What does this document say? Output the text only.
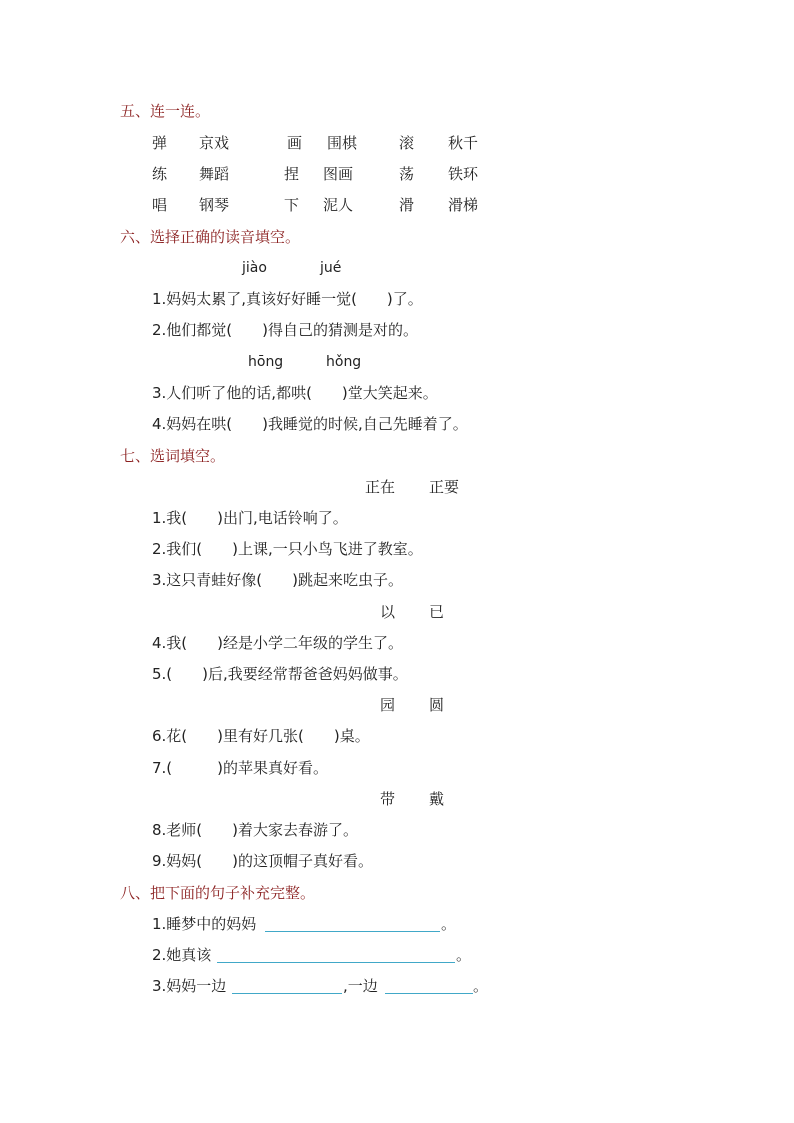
五、连一连。
弹 京戏	画 围棋	滚 秋千
练 舞蹈	捏 图画	荡 铁环
唱 钢琴	下 泥人	滑 滑梯
六、选择正确的读音填空。
jiào	jué
1.妈妈太累了,真该好好睡一觉(　　)了。
2.他们都觉(　　)得自己的猜测是对的。
hōng	hǒng
3.人们听了他的话,都哄(　　)堂大笑起来。
4.妈妈在哄(　　)我睡觉的时候,自己先睡着了。
七、选词填空。
正在 正要
1.我(　　)出门,电话铃响了。
2.我们(　　)上课,一只小鸟飞进了教室。
3.这只青蛙好像(　　)跳起来吃虫子。
以 已
4.我(　　)经是小学二年级的学生了。
5.(　　)后,我要经常帮爸爸妈妈做事。
园 圆
6.花(　　)里有好几张(　　)桌。
7.(　　　)的苹果真好看。
带 戴
8.老师(　　)着大家去春游了。
9.妈妈(　　)的这顶帽子真好看。
八、把下面的句子补充完整。
1.睡梦中的妈妈	。
2.她真该	。
3.妈妈一边	,一边	。
